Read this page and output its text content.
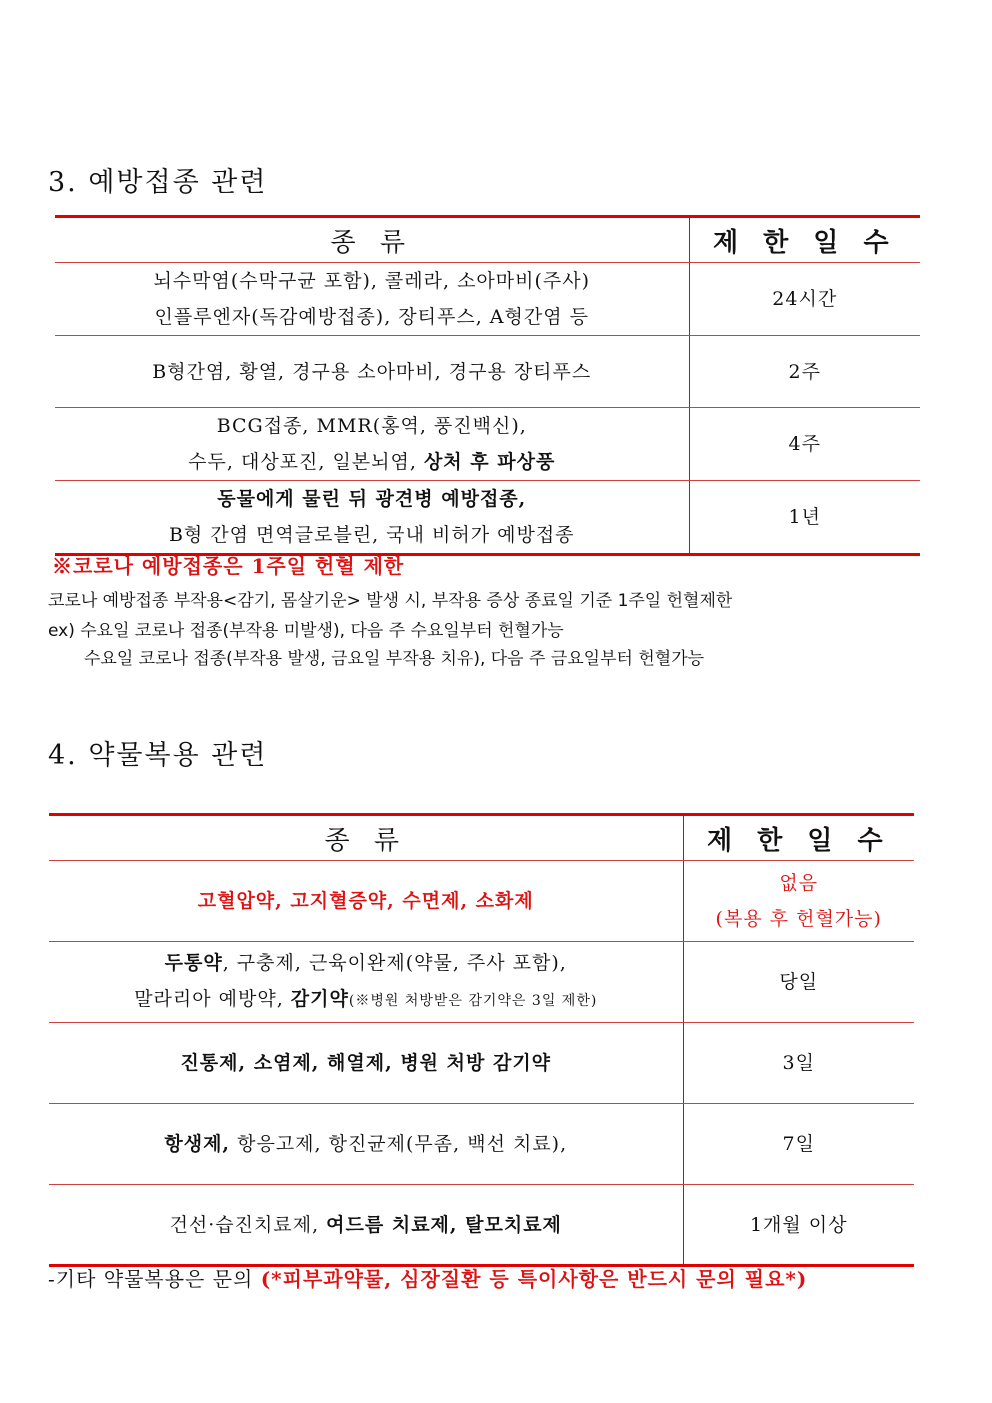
3. 예방접종 관련
종 류	제 한 일 수

뇌수막염(수막구균 포함), 콜레라, 소아마비(주사)
인플루엔자(독감예방접종), 장티푸스, A형간염 등	24시간
B형간염, 황열, 경구용 소아마비, 경구용 장티푸스	2주

BCG접종, MMR(홍역, 풍진백신),
수두, 대상포진, 일본뇌염, 상처 후 파상풍	4주

동물에게 물린 뒤 광견병 예방접종,
B형 간염 면역글로블린, 국내 비허가 예방접종	1년
※코로나 예방접종은 1주일 헌혈 제한
코로나 예방접종 부작용<감기, 몸살기운> 발생 시, 부작용 증상 종료일 기준 1주일 헌혈제한
ex) 수요일 코로나 접종(부작용 미발생), 다음 주 수요일부터 헌혈가능
수요일 코로나 접종(부작용 발생, 금요일 부작용 치유), 다음 주 금요일부터 헌혈가능
4. 약물복용 관련
종 류	제 한 일 수
고혈압약, 고지혈증약, 수면제, 소화제	없음
(복용 후 헌혈가능)

두통약, 구충제, 근육이완제(약물, 주사 포함),
말라리아 예방약, 감기약(※병원 처방받은 감기약은 3일 제한)	당일
진통제, 소염제, 해열제, 병원 처방 감기약	3일
항생제, 항응고제, 항진균제(무좀, 백선 치료),	7일
건선·습진치료제, 여드름 치료제, 탈모치료제	1개월 이상
-기타 약물복용은 문의 (*피부과약물, 심장질환 등 특이사항은 반드시 문의 필요*)
